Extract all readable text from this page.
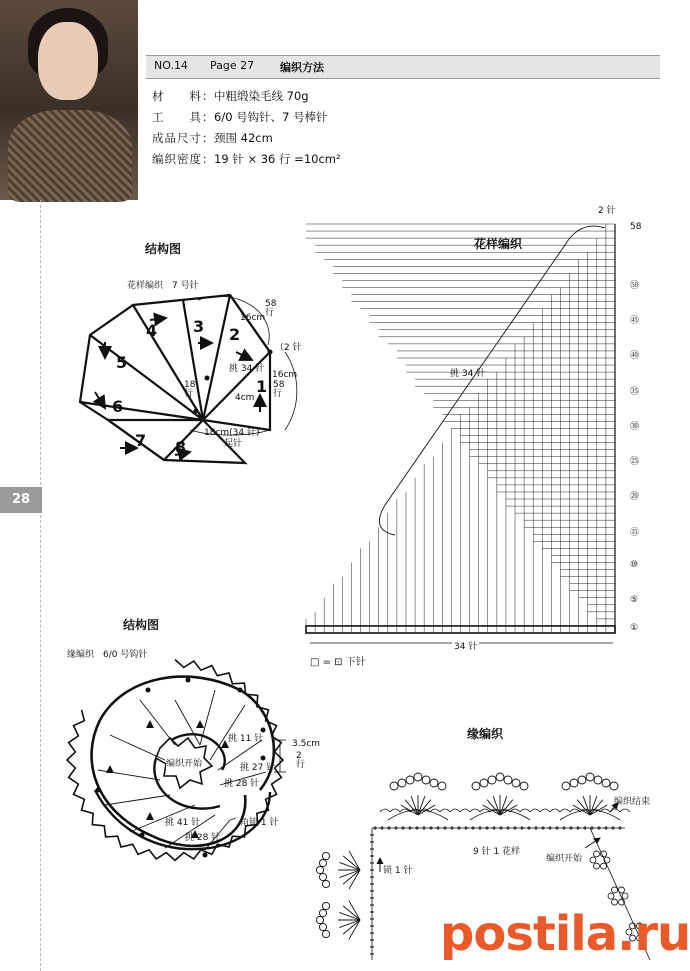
NO.14 Page 27 编织方法
材　　料：中粗缎染毛线 70g
工　　具：6/0 号钩针、7 号棒针
成品尺寸：颈围 42cm
编织密度：19 针 × 36 行 =10cm²
28
结构图	花样编织
结构图
缘编织
1
2
3
4
5
6
7 8
花样编织　7 号针
16cm
58
行
（2 针
挑 34 针
16cm
58
行
18
行	4cm
18cm(34 针)
起针
2 针
挑 34 针
34 针
□ = ⊡ 下针
①
⑤
⑩
⑮
⑳
㉕
㉚
㉟
㊵
㊺
㊿
58
缘编织　6/0 号钩针
挑 11 针
挑 27 针
挑 28 针
编织开始
挑 41 针
挑 28 针
角锁 1 针
3.5cm
2
行
编织结束
9 针 1 花样
编织开始
锁 1 针
postila.ru
